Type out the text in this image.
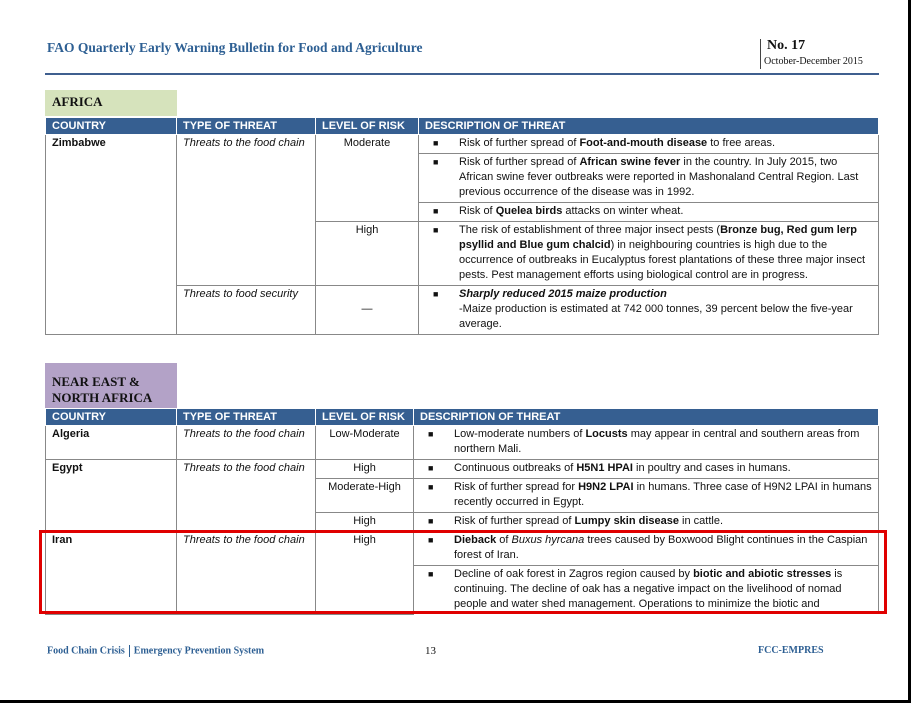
FAO Quarterly Early Warning Bulletin for Food and Agriculture	No. 17
October-December 2015
AFRICA
COUNTRY	TYPE OF THREAT	LEVEL OF RISK	DESCRIPTION OF THREAT
Zimbabwe	Threats to the food chain	Moderate	■ Risk of further spread of Foot-and-mouth disease to free areas.

			■ Risk of further spread of African swine fever in the country. In July 2015, two African swine fever outbreaks were reported in Mashonaland Central Region. Last previous occurrence of the disease was in 1992.

			■ Risk of Quelea birds attacks on winter wheat.

		High	■ The risk of establishment of three major insect pests (Bronze bug, Red gum lerp psyllid and Blue gum chalcid) in neighbouring countries is high due to the occurrence of outbreaks in Eucalyptus forest plantations of these three major insect pests. Pest management efforts using biological control are in progress.

	Threats to food security	—	■ Sharply reduced 2015 maize production
-Maize production is estimated at 742 000 tonnes, 39 percent below the five-year average.
NEAR EAST & NORTH AFRICA
COUNTRY	TYPE OF THREAT	LEVEL OF RISK	DESCRIPTION OF THREAT
Algeria	Threats to the food chain	Low-Moderate	■ Low-moderate numbers of Locusts may appear in central and southern areas from northern Mali.

Egypt	Threats to the food chain	High	■ Continuous outbreaks of H5N1 HPAI in poultry and cases in humans.

		Moderate-High	■ Risk of further spread for H9N2 LPAI in humans. Three case of H9N2 LPAI in humans recently occurred in Egypt.

		High	■ Risk of further spread of Lumpy skin disease in cattle.

Iran	Threats to the food chain	High	■ Dieback of Buxus hyrcana trees caused by Boxwood Blight continues in the Caspian forest of Iran.

			■ Decline of oak forest in Zagros region caused by biotic and abiotic stresses is continuing. The decline of oak has a negative impact on the livelihood of nomad people and water shed management. Operations to minimize the biotic and
Food Chain Crisis Emergency Prevention System	13	FCC-EMPRES
